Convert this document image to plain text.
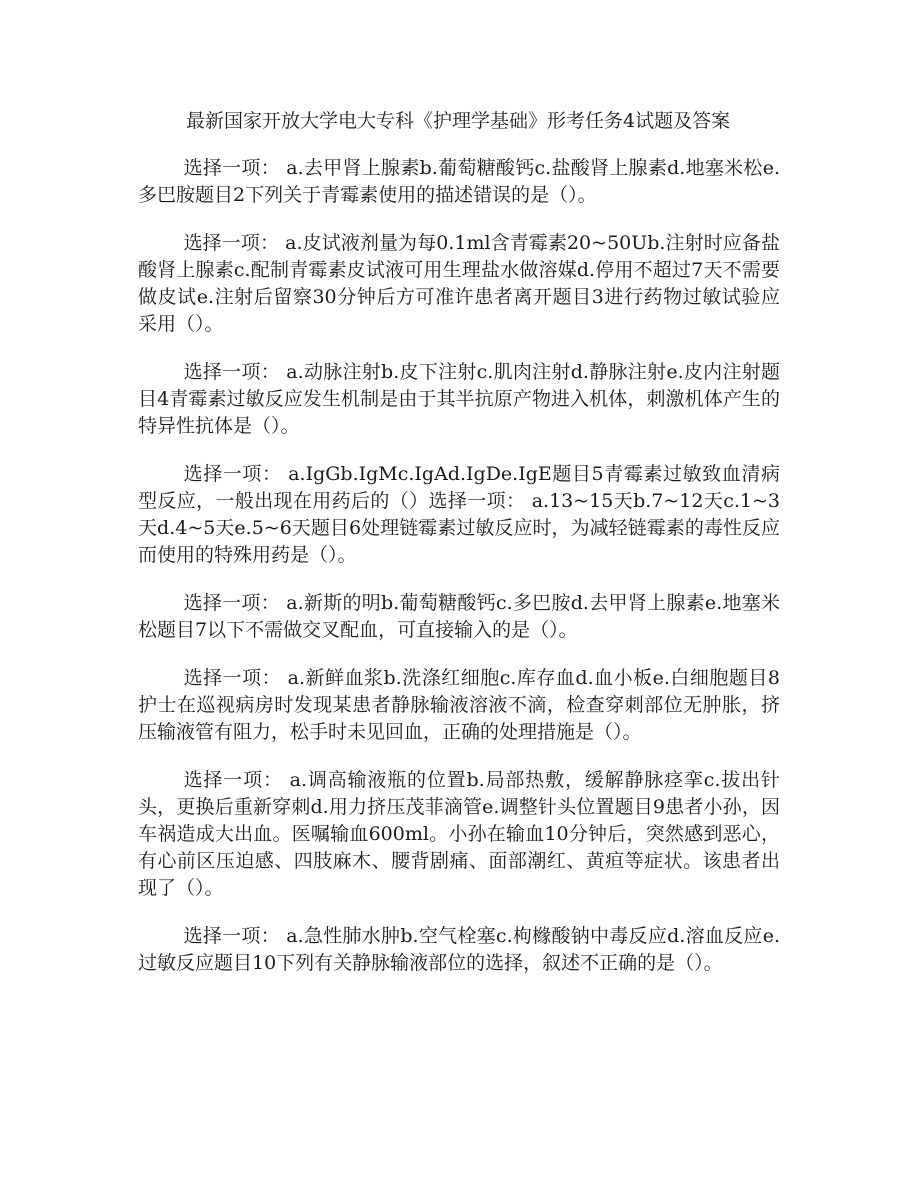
最新国家开放大学电大专科《护理学基础》形考任务4试题及答案

选择一项： a.去甲肾上腺素b.葡萄糖酸钙c.盐酸肾上腺素d.地塞米松e.多巴胺题目2下列关于青霉素使用的描述错误的是（）。

选择一项： a.皮试液剂量为每0.1ml含青霉素20~50Ub.注射时应备盐酸肾上腺素c.配制青霉素皮试液可用生理盐水做溶媒d.停用不超过7天不需要做皮试e.注射后留察30分钟后方可准许患者离开题目3进行药物过敏试验应采用（）。

选择一项： a.动脉注射b.皮下注射c.肌肉注射d.静脉注射e.皮内注射题目4青霉素过敏反应发生机制是由于其半抗原产物进入机体，刺激机体产生的特异性抗体是（）。

选择一项： a.IgGb.IgMc.IgAd.IgDe.IgE题目5青霉素过敏致血清病型反应，一般出现在用药后的（）选择一项： a.13~15天b.7~12天c.1~3天d.4~5天e.5~6天题目6处理链霉素过敏反应时，为减轻链霉素的毒性反应而使用的特殊用药是（）。

选择一项： a.新斯的明b.葡萄糖酸钙c.多巴胺d.去甲肾上腺素e.地塞米松题目7以下不需做交叉配血，可直接输入的是（）。

选择一项： a.新鲜血浆b.洗涤红细胞c.库存血d.血小板e.白细胞题目8护士在巡视病房时发现某患者静脉输液溶液不滴，检查穿刺部位无肿胀，挤压输液管有阻力，松手时未见回血，正确的处理措施是（）。

选择一项： a.调高输液瓶的位置b.局部热敷，缓解静脉痉挛c.拔出针头，更换后重新穿刺d.用力挤压茂菲滴管e.调整针头位置题目9患者小孙，因车祸造成大出血。医嘱输血600ml。小孙在输血10分钟后，突然感到恶心，有心前区压迫感、四肢麻木、腰背剧痛、面部潮红、黄疸等症状。该患者出现了（）。

选择一项： a.急性肺水肿b.空气栓塞c.枸橼酸钠中毒反应d.溶血反应e.过敏反应题目10下列有关静脉输液部位的选择，叙述不正确的是（）。
